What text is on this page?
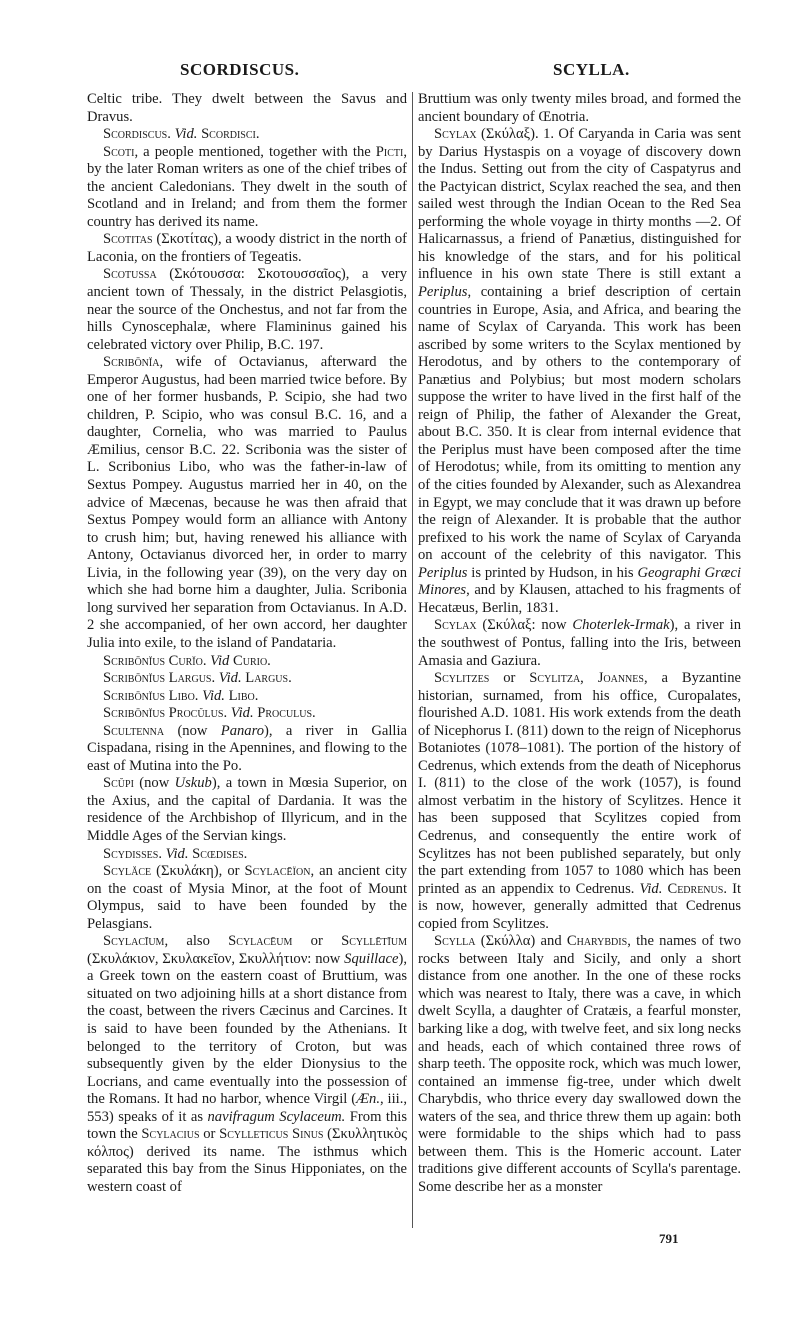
SCORDISCUS.	SCYLLA.

Celtic tribe. They dwelt between the Savus and Dravus.

Scordiscus. Vid. Scordisci.

Scoti, a people mentioned, together with the Picti, by the later Roman writers as one of the chief tribes of the ancient Caledonians. They dwelt in the south of Scotland and in Ireland; and from them the former country has derived its name.

Scotitas (Σκοτίτας), a woody district in the north of Laconia, on the frontiers of Tegeatis.

Scotussa (Σκότουσσα: Σκοτουσσαῖος), a very ancient town of Thessaly, in the district Pelasgiotis, near the source of the Onchestus, and not far from the hills Cynoscephalæ, where Flamininus gained his celebrated victory over Philip, B.C. 197.

Scribōnĭa, wife of Octavianus, afterward the Emperor Augustus, had been married twice before. By one of her former husbands, P. Scipio, she had two children, P. Scipio, who was consul B.C. 16, and a daughter, Cornelia, who was married to Paulus Æmilius, censor B.C. 22. Scribonia was the sister of L. Scribonius Libo, who was the father-in-law of Sextus Pompey. Augustus married her in 40, on the advice of Mæcenas, because he was then afraid that Sextus Pompey would form an alliance with Antony to crush him; but, having renewed his alliance with Antony, Octavianus divorced her, in order to marry Livia, in the following year (39), on the very day on which she had borne him a daughter, Julia. Scribonia long survived her separation from Octavianus. In A.D. 2 she accompanied, of her own accord, her daughter Julia into exile, to the island of Pandataria.

Scribōnĭus Curĭo. Vid Curio.

Scribōnĭus Largus. Vid. Largus.

Scribōnĭus Libo. Vid. Libo.

Scribōnĭus Procŭlus. Vid. Proculus.

Scultenna (now Panaro), a river in Gallia Cispadana, rising in the Apennines, and flowing to the east of Mutina into the Po.

Scŭpi (now Uskub), a town in Mœsia Superior, on the Axius, and the capital of Dardania. It was the residence of the Archbishop of Illyricum, and in the Middle Ages of the Servian kings.

Scydisses. Vid. Scœdises.

Scylăce (Σκυλάκη), or Scylacēïon, an ancient city on the coast of Mysia Minor, at the foot of Mount Olympus, said to have been founded by the Pelasgians.

Scylacīum, also Scylacēum or Scyllētīum (Σκυλάκιον, Σκυλακεῖον, Σκυλλήτιον: now Squillace), a Greek town on the eastern coast of Bruttium, was situated on two adjoining hills at a short distance from the coast, between the rivers Cæcinus and Carcines. It is said to have been founded by the Athenians. It belonged to the territory of Croton, but was subsequently given by the elder Dionysius to the Locrians, and came eventually into the possession of the Romans. It had no harbor, whence Virgil (Æn., iii., 553) speaks of it as navifragum Scylaceum. From this town the Scylacius or Scylleticus Sinus (Σκυλλητικὸς κόλπος) derived its name. The isthmus which separated this bay from the Sinus Hipponiates, on the western coast of

Bruttium was only twenty miles broad, and formed the ancient boundary of Œnotria.

Scylax (Σκύλαξ). 1. Of Caryanda in Caria was sent by Darius Hystaspis on a voyage of discovery down the Indus. Setting out from the city of Caspatyrus and the Pactyican district, Scylax reached the sea, and then sailed west through the Indian Ocean to the Red Sea performing the whole voyage in thirty months —2. Of Halicarnassus, a friend of Panætius, distinguished for his knowledge of the stars, and for his political influence in his own state There is still extant a Periplus, containing a brief description of certain countries in Europe, Asia, and Africa, and bearing the name of Scylax of Caryanda. This work has been ascribed by some writers to the Scylax mentioned by Herodotus, and by others to the contemporary of Panætius and Polybius; but most modern scholars suppose the writer to have lived in the first half of the reign of Philip, the father of Alexander the Great, about B.C. 350. It is clear from internal evidence that the Periplus must have been composed after the time of Herodotus; while, from its omitting to mention any of the cities founded by Alexander, such as Alexandrea in Egypt, we may conclude that it was drawn up before the reign of Alexander. It is probable that the author prefixed to his work the name of Scylax of Caryanda on account of the celebrity of this navigator. This Periplus is printed by Hudson, in his Geographi Græci Minores, and by Klausen, attached to his fragments of Hecatæus, Berlin, 1831.

Scylax (Σκύλαξ: now Choterlek-Irmak), a river in the southwest of Pontus, falling into the Iris, between Amasia and Gaziura.

Scylitzes or Scylitza, Joannes, a Byzantine historian, surnamed, from his office, Curopalates, flourished A.D. 1081. His work extends from the death of Nicephorus I. (811) down to the reign of Nicephorus Botaniotes (1078–1081). The portion of the history of Cedrenus, which extends from the death of Nicephorus I. (811) to the close of the work (1057), is found almost verbatim in the history of Scylitzes. Hence it has been supposed that Scylitzes copied from Cedrenus, and consequently the entire work of Scylitzes has not been published separately, but only the part extending from 1057 to 1080 which has been printed as an appendix to Cedrenus. Vid. Cedrenus. It is now, however, generally admitted that Cedrenus copied from Scylitzes.

Scylla (Σκύλλα) and Charybdis, the names of two rocks between Italy and Sicily, and only a short distance from one another. In the one of these rocks which was nearest to Italy, there was a cave, in which dwelt Scylla, a daughter of Cratæis, a fearful monster, barking like a dog, with twelve feet, and six long necks and heads, each of which contained three rows of sharp teeth. The opposite rock, which was much lower, contained an immense fig-tree, under which dwelt Charybdis, who thrice every day swallowed down the waters of the sea, and thrice threw them up again: both were formidable to the ships which had to pass between them. This is the Homeric account. Later traditions give different accounts of Scylla's parentage. Some describe her as a monster

791
